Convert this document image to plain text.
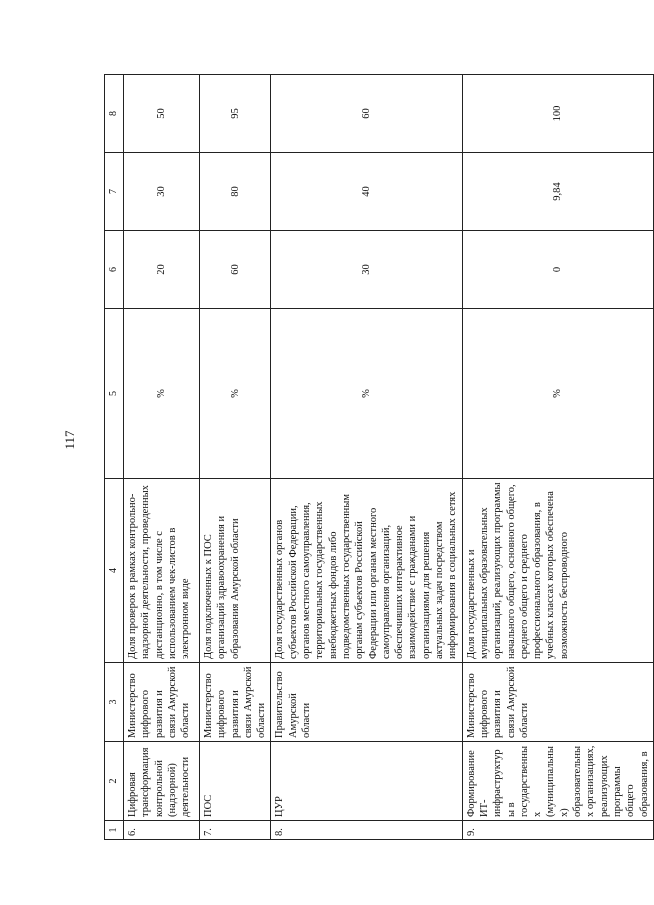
117
1	2	3	4	5	6	7	8
6.	Цифровая трансформация контрольной (надзорной) деятельности	Министерство цифрового развития и связи Амурской области	Доля проверок в рамках контрольно-надзорной деятельности, проведенных дистанционно, в том числе с использованием чек-листов в электронном виде	%	20	30	50
7.	ПОС	Министерство цифрового развития и связи Амурской области	Доля подключенных к ПОС организаций здравоохранения и образования Амурской области	%	60	80	95
8.	ЦУР	Правительство Амурской области	Доля государственных органов субъектов Российской Федерации, органов местного самоуправления, территориальных государственных внебюджетных фондов либо подведомственных государственным органам субъектов Российской Федерации или органам местного самоуправления организаций, обеспечивших интерактивное взаимодействие с гражданами и организациями для решения актуальных задач посредством информирования в социальных сетях	%	30	40	60
9.	Формирование ИТ-инфраструктуры в государственных (муниципальных) образовательных организациях, реализующих программы общего образования, в	Министерство цифрового развития и связи Амурской области	Доля государственных и муниципальных образовательных организаций, реализующих программы начального общего, основного общего, среднего общего и среднего профессионального образования, в учебных классах которых обеспечена возможность беспроводного	%	0	9,84	100
